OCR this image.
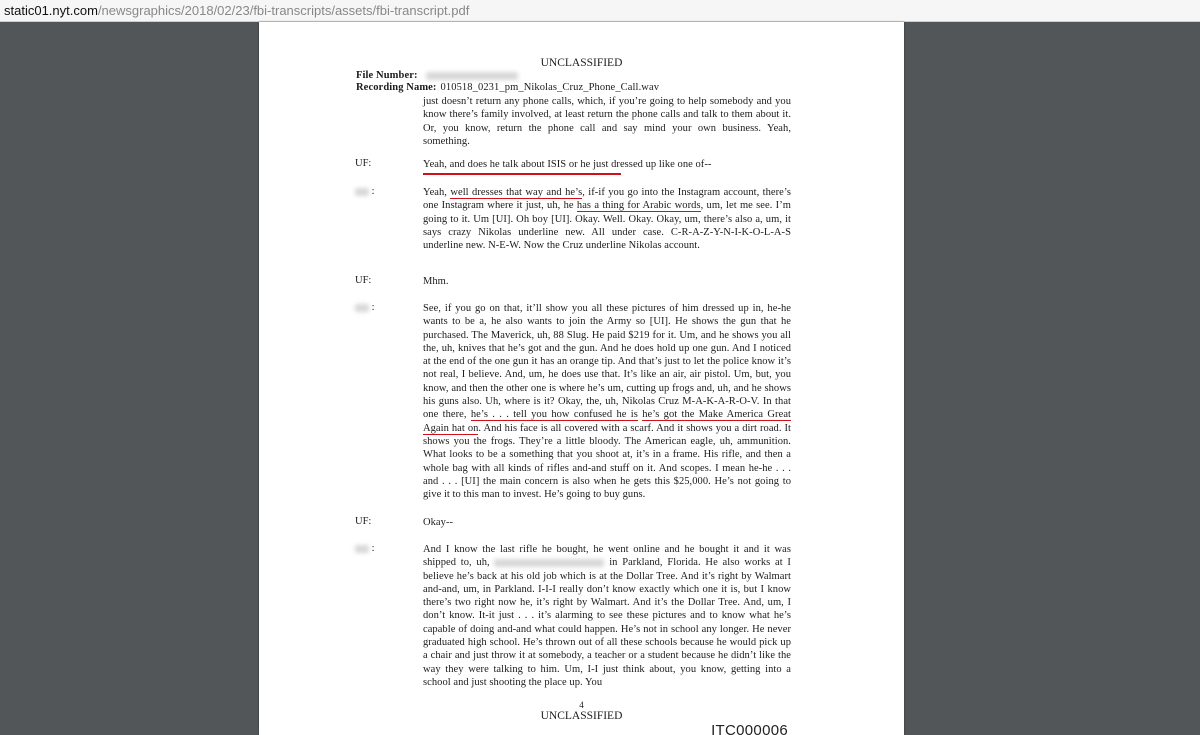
static01.nyt.com/newsgraphics/2018/02/23/fbi-transcripts/assets/fbi-transcript.pdf
UNCLASSIFIED
File Number:
Recording Name: 010518_0231_pm_Nikolas_Cruz_Phone_Call.wav

just doesn’t return any phone calls, which, if you’re going to help somebody and you know there’s family involved, at least return the phone calls and talk to them about it. Or, you know, return the phone call and say mind your own business. Yeah, something.

UF:	Yeah, and does he talk about ISIS or he just dressed up like one of--

:	Yeah, well dresses that way and he’s, if-if you go into the Instagram account, there’s one Instagram where it just, uh, he has a thing for Arabic words, um, let me see. I’m going to it. Um [UI]. Oh boy [UI]. Okay. Well. Okay. Okay, um, there’s also a, um, it says crazy Nikolas underline new. All under case. C-R-A-Z-Y-N-I-K-O-L-A-S underline new. N-E-W. Now the Cruz underline Nikolas account.

UF:	Mhm.

:	See, if you go on that, it’ll show you all these pictures of him dressed up in, he-he wants to be a, he also wants to join the Army so [UI]. He shows the gun that he purchased. The Maverick, uh, 88 Slug. He paid $219 for it. Um, and he shows you all the, uh, knives that he’s got and the gun. And he does hold up one gun. And I noticed at the end of the one gun it has an orange tip. And that’s just to let the police know it’s not real, I believe. And, um, he does use that. It’s like an air, air pistol. Um, but, you know, and then the other one is where he’s um, cutting up frogs and, uh, and he shows his guns also. Uh, where is it? Okay, the, uh, Nikolas Cruz M-A-K-A-R-O-V. In that one there, he’s . . . tell you how confused he is he’s got the Make America Great Again hat on. And his face is all covered with a scarf. And it shows you a dirt road. It shows you the frogs. They’re a little bloody. The American eagle, uh, ammunition. What looks to be a something that you shoot at, it’s in a frame. His rifle, and then a whole bag with all kinds of rifles and-and stuff on it. And scopes. I mean he-he . . . and . . . [UI] the main concern is also when he gets this $25,000. He’s not going to give it to this man to invest. He’s going to buy guns.

UF:	Okay--

:	And I know the last rifle he bought, he went online and he bought it and it was shipped to, uh,	in Parkland, Florida. He also works at I believe he’s back at his old job which is at the Dollar Tree. And it’s right by Walmart and-and, um, in Parkland. I-I-I really don’t know exactly which one it is, but I know there’s two right now he, it’s right by Walmart. And it’s the Dollar Tree. And, um, I don’t know. It-it just . . . it’s alarming to see these pictures and to know what he’s capable of doing and-and what could happen. He’s not in school any longer. He never graduated high school. He’s thrown out of all these schools because he would pick up a chair and just throw it at somebody, a teacher or a student because he didn’t like the way they were talking to him. Um, I-I just think about, you know, getting into a school and just shooting the place up. You

4
UNCLASSIFIED
ITC000006
